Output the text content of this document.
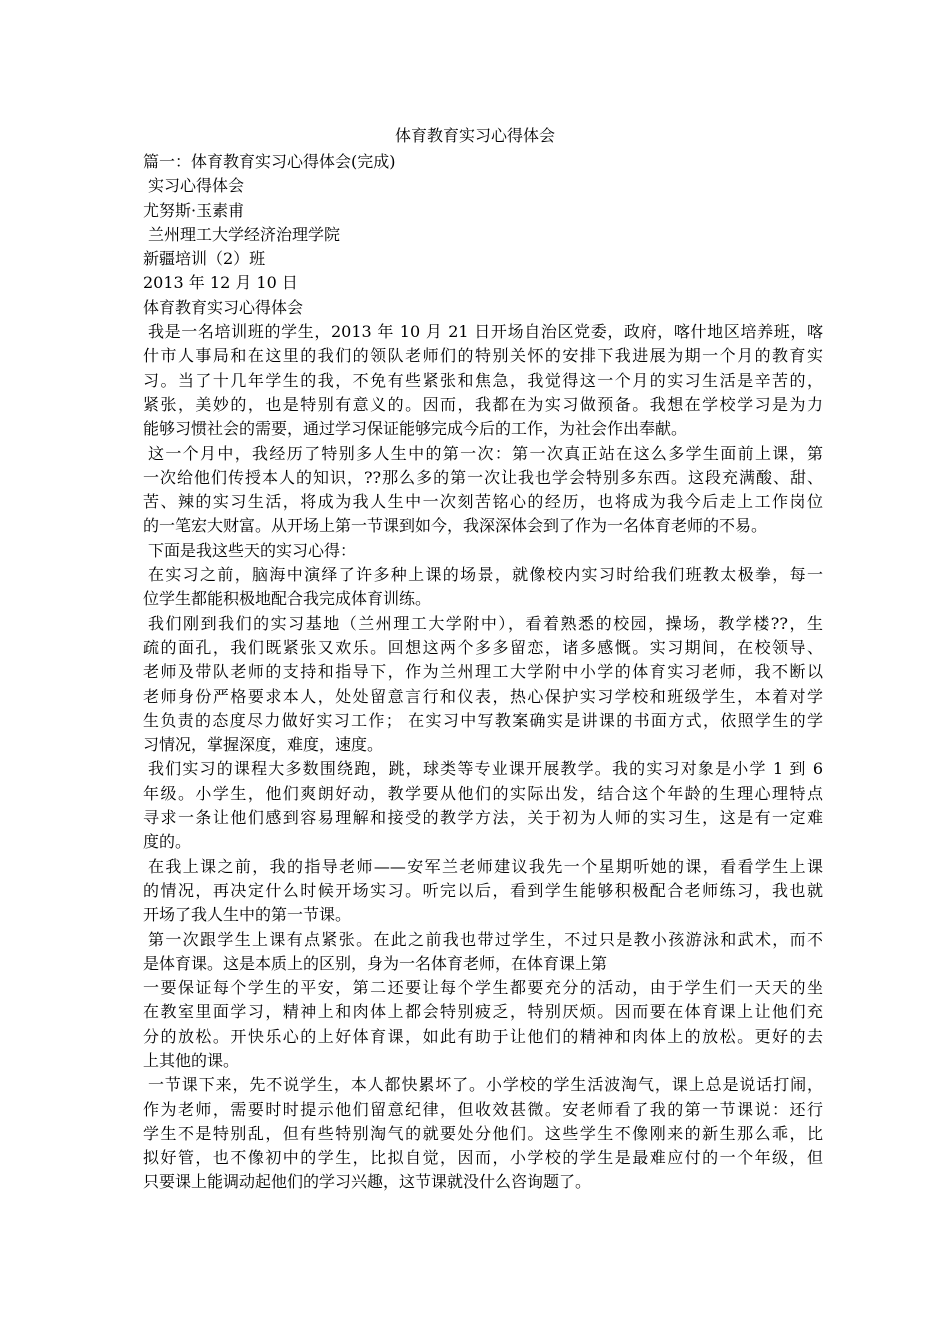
体育教育实习心得体会
篇一：体育教育实习心得体会(完成)
实习心得体会
尤努斯·玉素甫
兰州理工大学经济治理学院
新疆培训（2）班
2013 年 12 月 10 日
体育教育实习心得体会
我是一名培训班的学生，2013 年 10 月 21 日开场自治区党委，政府，喀什地区培养班，喀
什市人事局和在这里的我们的领队老师们的特别关怀的安排下我进展为期一个月的教育实
习。当了十几年学生的我，不免有些紧张和焦急，我觉得这一个月的实习生活是辛苦的，
紧张，美妙的，也是特别有意义的。因而，我都在为实习做预备。我想在学校学习是为力
能够习惯社会的需要，通过学习保证能够完成今后的工作，为社会作出奉献。
这一个月中，我经历了特别多人生中的第一次：第一次真正站在这么多学生面前上课，第
一次给他们传授本人的知识，??那么多的第一次让我也学会特别多东西。这段充满酸、甜、
苦、辣的实习生活，将成为我人生中一次刻苦铭心的经历，也将成为我今后走上工作岗位
的一笔宏大财富。从开场上第一节课到如今，我深深体会到了作为一名体育老师的不易。
下面是我这些天的实习心得：
在实习之前，脑海中演绎了许多种上课的场景，就像校内实习时给我们班教太极拳，每一
位学生都能积极地配合我完成体育训练。
我们刚到我们的实习基地（兰州理工大学附中），看着熟悉的校园，操场，教学楼??，生
疏的面孔，我们既紧张又欢乐。回想这两个多多留恋，诸多感慨。实习期间，在校领导、
老师及带队老师的支持和指导下，作为兰州理工大学附中小学的体育实习老师，我不断以
老师身份严格要求本人，处处留意言行和仪表，热心保护实习学校和班级学生，本着对学
生负责的态度尽力做好实习工作； 在实习中写教案确实是讲课的书面方式，依照学生的学
习情况，掌握深度，难度，速度。
我们实习的课程大多数围绕跑，跳，球类等专业课开展教学。我的实习对象是小学 1 到 6
年级。小学生，他们爽朗好动，教学要从他们的实际出发，结合这个年龄的生理心理特点
寻求一条让他们感到容易理解和接受的教学方法，关于初为人师的实习生，这是有一定难
度的。
在我上课之前，我的指导老师——安军兰老师建议我先一个星期听她的课，看看学生上课
的情况，再决定什么时候开场实习。听完以后，看到学生能够积极配合老师练习，我也就
开场了我人生中的第一节课。
第一次跟学生上课有点紧张。在此之前我也带过学生，不过只是教小孩游泳和武术，而不
是体育课。这是本质上的区别，身为一名体育老师，在体育课上第
一要保证每个学生的平安，第二还要让每个学生都要充分的活动，由于学生们一天天的坐
在教室里面学习，精神上和肉体上都会特别疲乏，特别厌烦。因而要在体育课上让他们充
分的放松。开快乐心的上好体育课，如此有助于让他们的精神和肉体上的放松。更好的去
上其他的课。
一节课下来，先不说学生，本人都快累坏了。小学校的学生活波淘气，课上总是说话打闹，
作为老师，需要时时提示他们留意纪律，但收效甚微。安老师看了我的第一节课说：还行
学生不是特别乱，但有些特别淘气的就要处分他们。这些学生不像刚来的新生那么乖，比
拟好管，也不像初中的学生，比拟自觉，因而，小学校的学生是最难应付的一个年级，但
只要课上能调动起他们的学习兴趣，这节课就没什么咨询题了。
